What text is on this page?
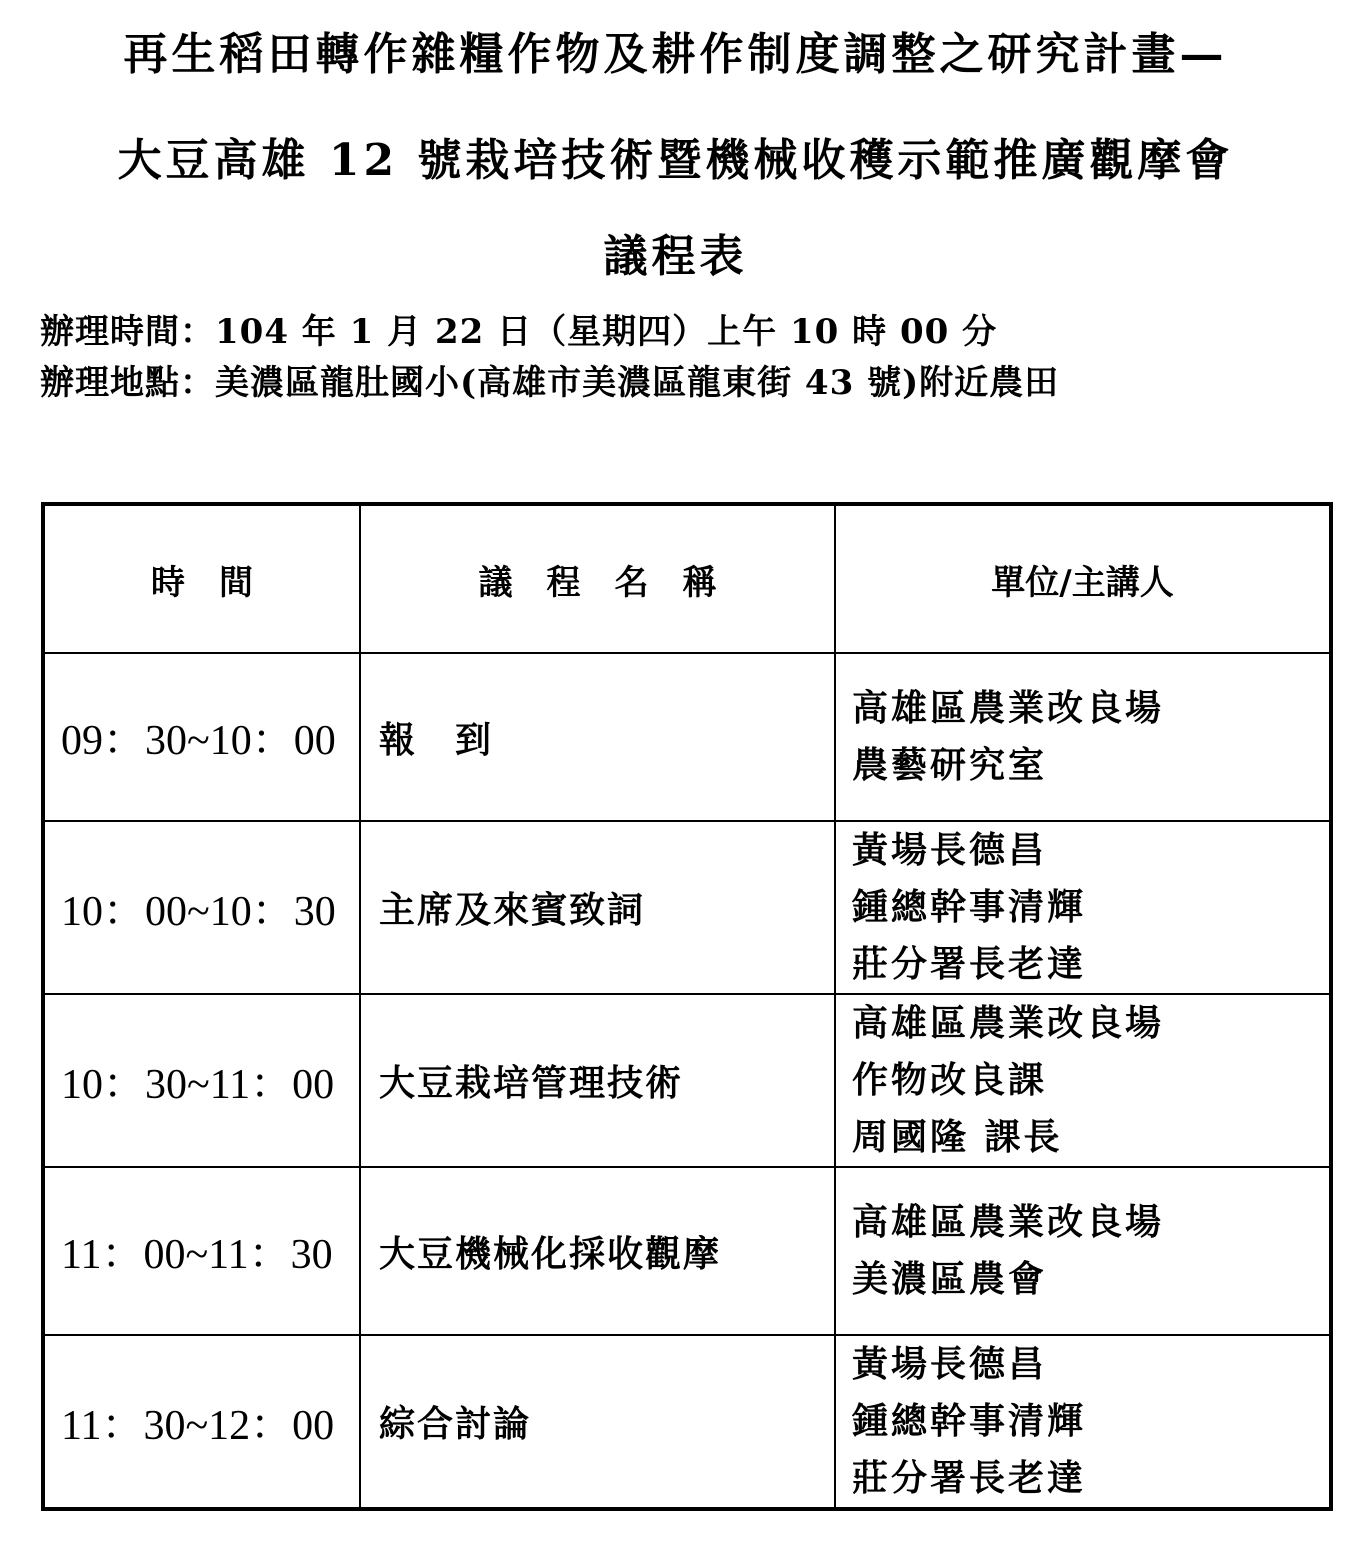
再生稻田轉作雜糧作物及耕作制度調整之研究計畫—
大豆高雄 12 號栽培技術暨機械收穫示範推廣觀摩會
議程表
辦理時間：104 年 1 月 22 日（星期四）上午 10 時 00 分
辦理地點：美濃區龍肚國小(高雄市美濃區龍東街 43 號)附近農田
時　間	議　程　名　稱	單位/主講人
09：30~10：00	報　到	高雄區農業改良場
農藝研究室

10：00~10：30	主席及來賓致詞	黃場長德昌
鍾總幹事清輝
莊分署長老達

10：30~11：00	大豆栽培管理技術	高雄區農業改良場
作物改良課
周國隆 課長

11：00~11：30	大豆機械化採收觀摩	高雄區農業改良場
美濃區農會

11：30~12：00	綜合討論	黃場長德昌
鍾總幹事清輝
莊分署長老達
